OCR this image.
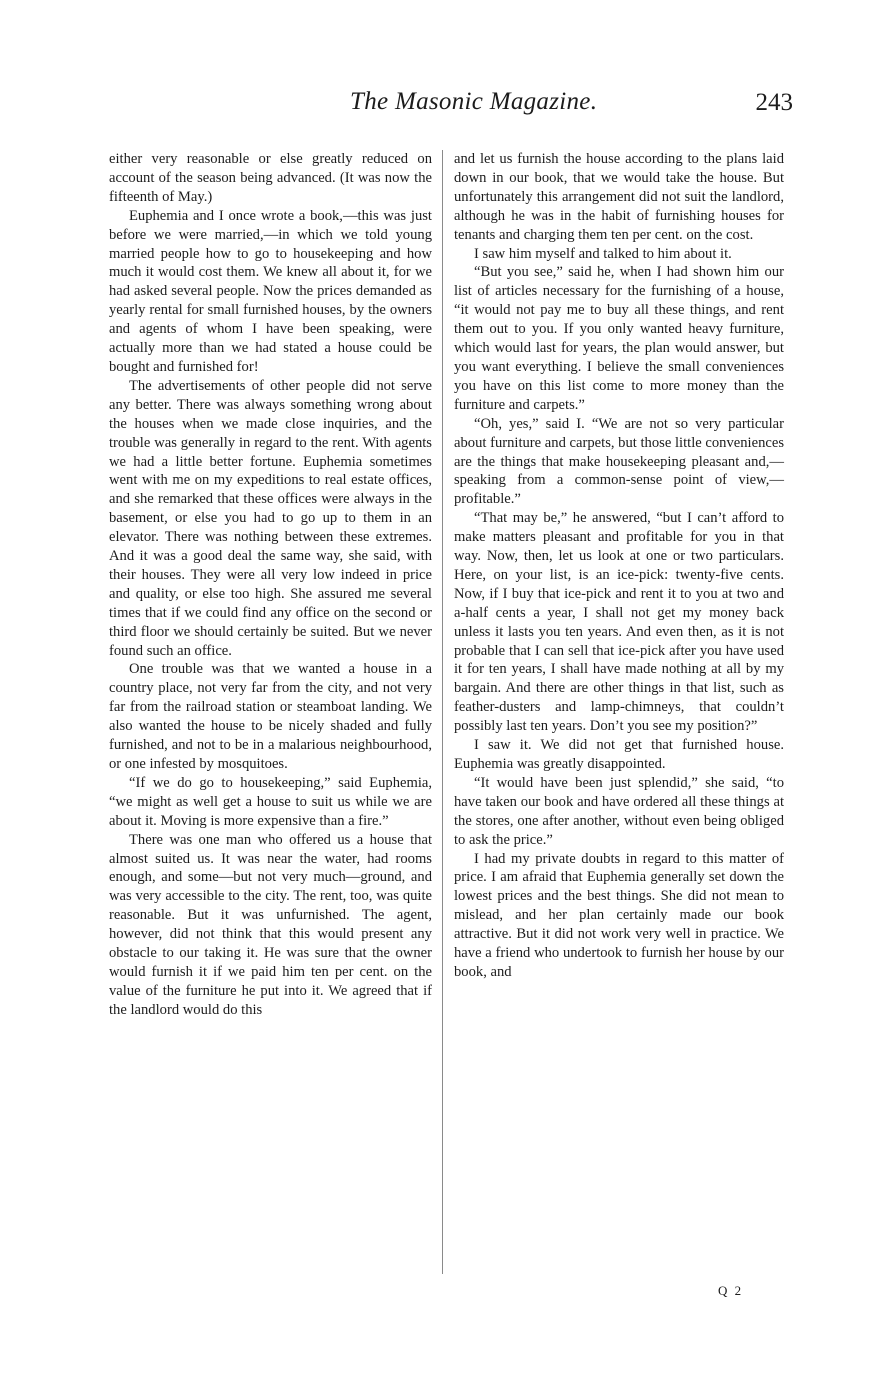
The Masonic Magazine.	243

either very reasonable or else greatly reduced on account of the season being advanced. (It was now the fifteenth of May.)

Euphemia and I once wrote a book,—this was just before we were married,—in which we told young married people how to go to housekeeping and how much it would cost them. We knew all about it, for we had asked several people. Now the prices demanded as yearly rental for small furnished houses, by the owners and agents of whom I have been speaking, were actually more than we had stated a house could be bought and furnished for!

The advertisements of other people did not serve any better. There was always something wrong about the houses when we made close inquiries, and the trouble was generally in regard to the rent. With agents we had a little better fortune. Euphemia sometimes went with me on my expeditions to real estate offices, and she remarked that these offices were always in the basement, or else you had to go up to them in an elevator. There was nothing between these extremes. And it was a good deal the same way, she said, with their houses. They were all very low indeed in price and quality, or else too high. She assured me several times that if we could find any office on the second or third floor we should certainly be suited. But we never found such an office.

One trouble was that we wanted a house in a country place, not very far from the city, and not very far from the railroad station or steamboat landing. We also wanted the house to be nicely shaded and fully furnished, and not to be in a malarious neighbourhood, or one infested by mosquitoes.

“If we do go to housekeeping,” said Euphemia, “we might as well get a house to suit us while we are about it. Moving is more expensive than a fire.”

There was one man who offered us a house that almost suited us. It was near the water, had rooms enough, and some—but not very much—ground, and was very accessible to the city. The rent, too, was quite reasonable. But it was unfurnished. The agent, however, did not think that this would present any obstacle to our taking it. He was sure that the owner would furnish it if we paid him ten per cent. on the value of the furniture he put into it. We agreed that if the landlord would do this

and let us furnish the house according to the plans laid down in our book, that we would take the house. But unfortunately this arrangement did not suit the landlord, although he was in the habit of furnishing houses for tenants and charging them ten per cent. on the cost.

I saw him myself and talked to him about it.

“But you see,” said he, when I had shown him our list of articles necessary for the furnishing of a house, “it would not pay me to buy all these things, and rent them out to you. If you only wanted heavy furniture, which would last for years, the plan would answer, but you want everything. I believe the small conveniences you have on this list come to more money than the furniture and carpets.”

“Oh, yes,” said I. “We are not so very particular about furniture and carpets, but those little conveniences are the things that make housekeeping pleasant and,—speaking from a common-sense point of view,—profitable.”

“That may be,” he answered, “but I can’t afford to make matters pleasant and profitable for you in that way. Now, then, let us look at one or two particulars. Here, on your list, is an ice-pick: twenty-five cents. Now, if I buy that ice-pick and rent it to you at two and a-half cents a year, I shall not get my money back unless it lasts you ten years. And even then, as it is not probable that I can sell that ice-pick after you have used it for ten years, I shall have made nothing at all by my bargain. And there are other things in that list, such as feather-dusters and lamp-chimneys, that couldn’t possibly last ten years. Don’t you see my position?”

I saw it. We did not get that furnished house. Euphemia was greatly disappointed.

“It would have been just splendid,” she said, “to have taken our book and have ordered all these things at the stores, one after another, without even being obliged to ask the price.”

I had my private doubts in regard to this matter of price. I am afraid that Euphemia generally set down the lowest prices and the best things. She did not mean to mislead, and her plan certainly made our book attractive. But it did not work very well in practice. We have a friend who undertook to furnish her house by our book, and

Q 2
